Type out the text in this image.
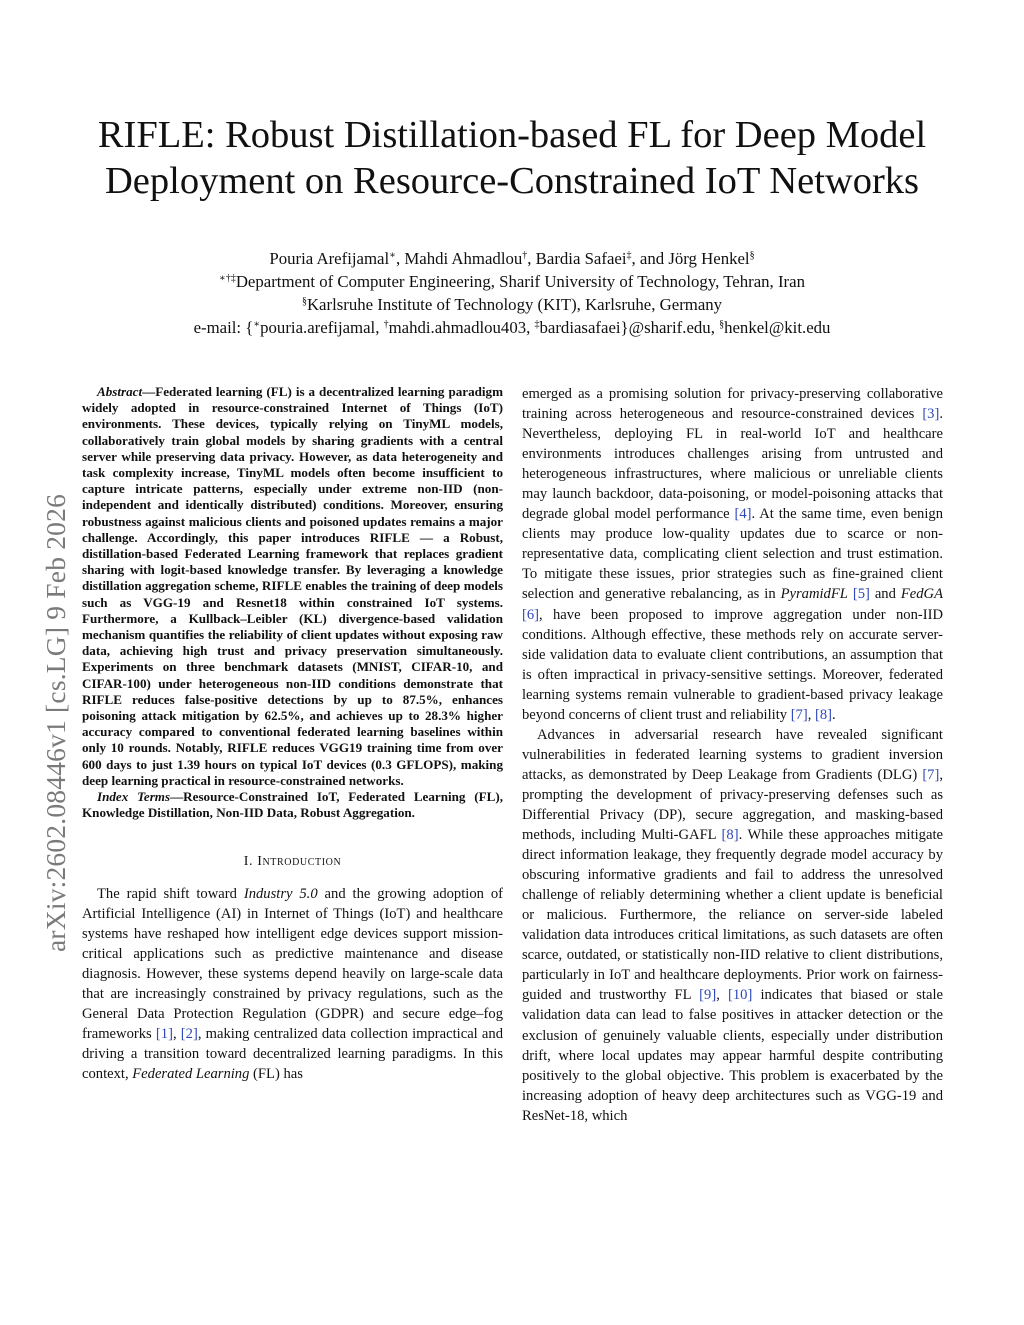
arXiv:2602.08446v1 [cs.LG] 9 Feb 2026
RIFLE: Robust Distillation-based FL for Deep Model Deployment on Resource-Constrained IoT Networks
Pouria Arefijamal∗, Mahdi Ahmadlou†, Bardia Safaei‡, and Jörg Henkel§
∗†‡Department of Computer Engineering, Sharif University of Technology, Tehran, Iran
§Karlsruhe Institute of Technology (KIT), Karlsruhe, Germany
e-mail: {∗pouria.arefijamal, †mahdi.ahmadlou403, ‡bardiasafaei}@sharif.edu, §henkel@kit.edu

Abstract—Federated learning (FL) is a decentralized learning paradigm widely adopted in resource-constrained Internet of Things (IoT) environments. These devices, typically relying on TinyML models, collaboratively train global models by sharing gradients with a central server while preserving data privacy. However, as data heterogeneity and task complexity increase, TinyML models often become insufficient to capture intricate patterns, especially under extreme non-IID (non-independent and identically distributed) conditions. Moreover, ensuring robustness against malicious clients and poisoned updates remains a major challenge. Accordingly, this paper introduces RIFLE — a Robust, distillation-based Federated Learning framework that replaces gradient sharing with logit-based knowledge transfer. By leveraging a knowledge distillation aggregation scheme, RIFLE enables the training of deep models such as VGG-19 and Resnet18 within constrained IoT systems. Furthermore, a Kullback–Leibler (KL) divergence-based validation mechanism quantifies the reliability of client updates without exposing raw data, achieving high trust and privacy preservation simultaneously. Experiments on three benchmark datasets (MNIST, CIFAR-10, and CIFAR-100) under heterogeneous non-IID conditions demonstrate that RIFLE reduces false-positive detections by up to 87.5%, enhances poisoning attack mitigation by 62.5%, and achieves up to 28.3% higher accuracy compared to conventional federated learning baselines within only 10 rounds. Notably, RIFLE reduces VGG19 training time from over 600 days to just 1.39 hours on typical IoT devices (0.3 GFLOPS), making deep learning practical in resource-constrained networks.

Index Terms—Resource-Constrained IoT, Federated Learning (FL), Knowledge Distillation, Non-IID Data, Robust Aggregation.

I. Introduction

The rapid shift toward Industry 5.0 and the growing adoption of Artificial Intelligence (AI) in Internet of Things (IoT) and healthcare systems have reshaped how intelligent edge devices support mission-critical applications such as predictive maintenance and disease diagnosis. However, these systems depend heavily on large-scale data that are increasingly constrained by privacy regulations, such as the General Data Protection Regulation (GDPR) and secure edge–fog frameworks [1], [2], making centralized data collection impractical and driving a transition toward decentralized learning paradigms. In this context, Federated Learning (FL) has

emerged as a promising solution for privacy-preserving collaborative training across heterogeneous and resource-constrained devices [3]. Nevertheless, deploying FL in real-world IoT and healthcare environments introduces challenges arising from untrusted and heterogeneous infrastructures, where malicious or unreliable clients may launch backdoor, data-poisoning, or model-poisoning attacks that degrade global model performance [4]. At the same time, even benign clients may produce low-quality updates due to scarce or non-representative data, complicating client selection and trust estimation. To mitigate these issues, prior strategies such as fine-grained client selection and generative rebalancing, as in PyramidFL [5] and FedGA [6], have been proposed to improve aggregation under non-IID conditions. Although effective, these methods rely on accurate server-side validation data to evaluate client contributions, an assumption that is often impractical in privacy-sensitive settings. Moreover, federated learning systems remain vulnerable to gradient-based privacy leakage beyond concerns of client trust and reliability [7], [8].

Advances in adversarial research have revealed significant vulnerabilities in federated learning systems to gradient inversion attacks, as demonstrated by Deep Leakage from Gradients (DLG) [7], prompting the development of privacy-preserving defenses such as Differential Privacy (DP), secure aggregation, and masking-based methods, including Multi-GAFL [8]. While these approaches mitigate direct information leakage, they frequently degrade model accuracy by obscuring informative gradients and fail to address the unresolved challenge of reliably determining whether a client update is beneficial or malicious. Furthermore, the reliance on server-side labeled validation data introduces critical limitations, as such datasets are often scarce, outdated, or statistically non-IID relative to client distributions, particularly in IoT and healthcare deployments. Prior work on fairness-guided and trustworthy FL [9], [10] indicates that biased or stale validation data can lead to false positives in attacker detection or the exclusion of genuinely valuable clients, especially under distribution drift, where local updates may appear harmful despite contributing positively to the global objective. This problem is exacerbated by the increasing adoption of heavy deep architectures such as VGG-19 and ResNet-18, which
